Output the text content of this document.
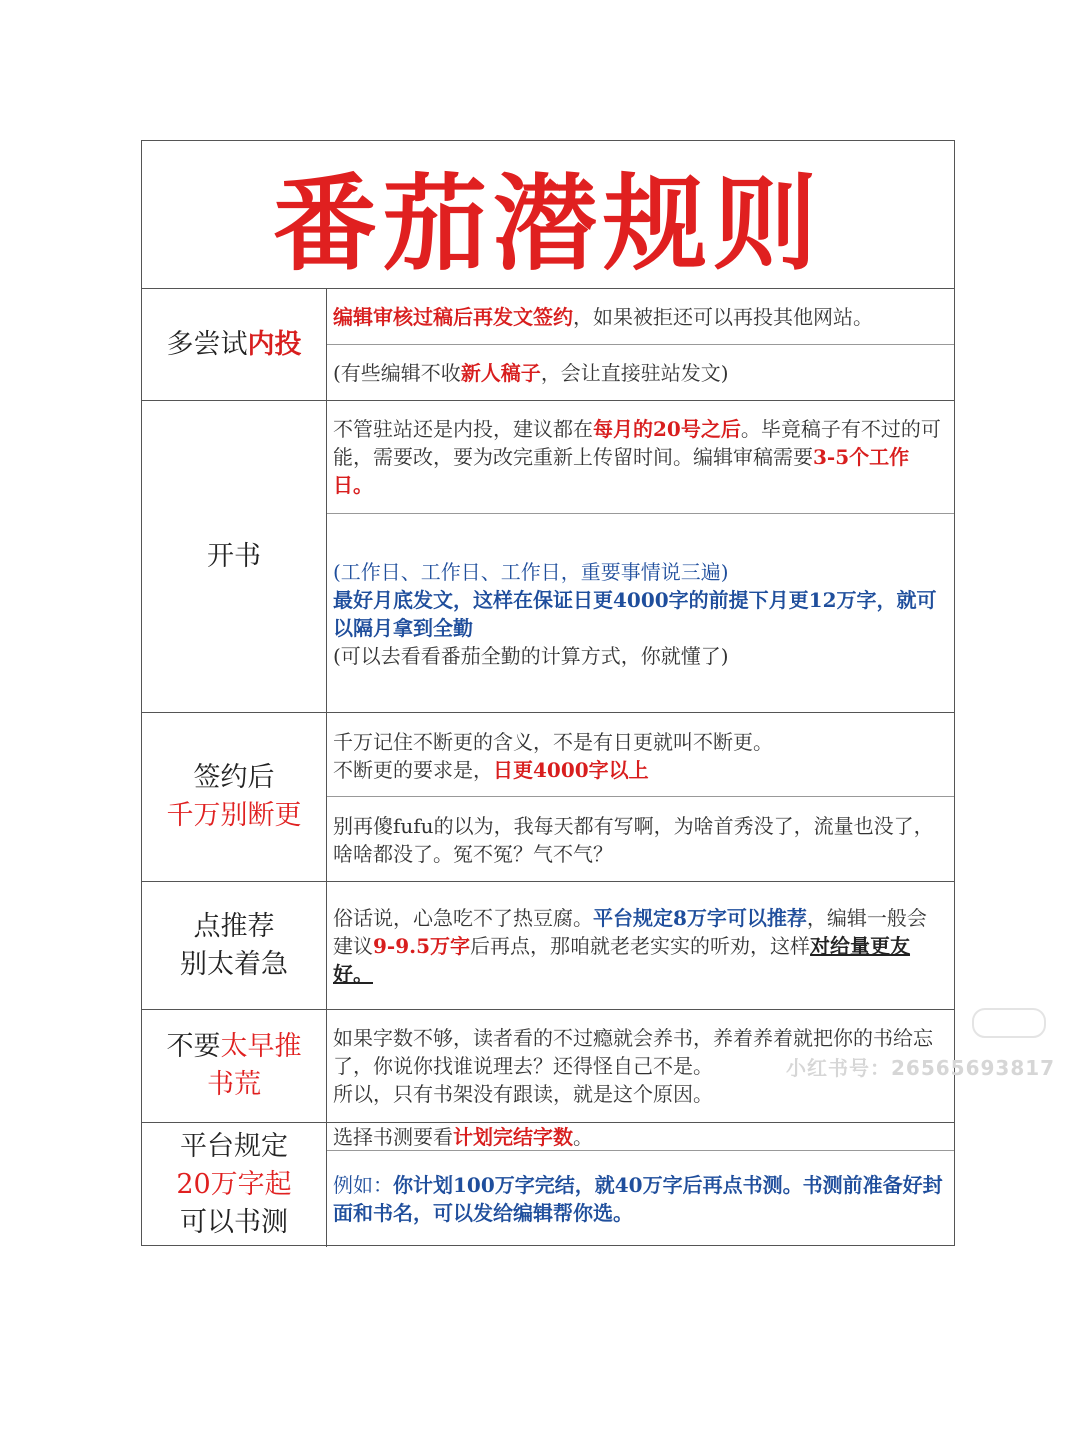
番茄潜规则
多尝试内投
编辑审核过稿后再发文签约，如果被拒还可以再投其他网站。
(有些编辑不收新人稿子，会让直接驻站发文)
开书
不管驻站还是内投，建议都在每月的20号之后。毕竟稿子有不过的可能，需要改，要为改完重新上传留时间。编辑审稿需要3-5个工作日。
(工作日、工作日、工作日，重要事情说三遍)
最好月底发文，这样在保证日更4000字的前提下月更12万字，就可以隔月拿到全勤
(可以去看看番茄全勤的计算方式，你就懂了)
签约后
千万别断更
千万记住不断更的含义，不是有日更就叫不断更。
不断更的要求是，日更4000字以上
别再傻fufu的以为，我每天都有写啊，为啥首秀没了，流量也没了，啥啥都没了。冤不冤？气不气？
点推荐
别太着急
俗话说，心急吃不了热豆腐。平台规定8万字可以推荐，编辑一般会建议9-9.5万字后再点，那咱就老老实实的听劝，这样对给量更友好。
不要太早推
书荒
如果字数不够，读者看的不过瘾就会养书，养着养着就把你的书给忘了，你说你找谁说理去？还得怪自己不是。
所以，只有书架没有跟读，就是这个原因。
平台规定
20万字起
可以书测
选择书测要看计划完结字数。
例如：你计划100万字完结，就40万字后再点书测。书测前准备好封面和书名，可以发给编辑帮你选。
小红书号：26565693817
